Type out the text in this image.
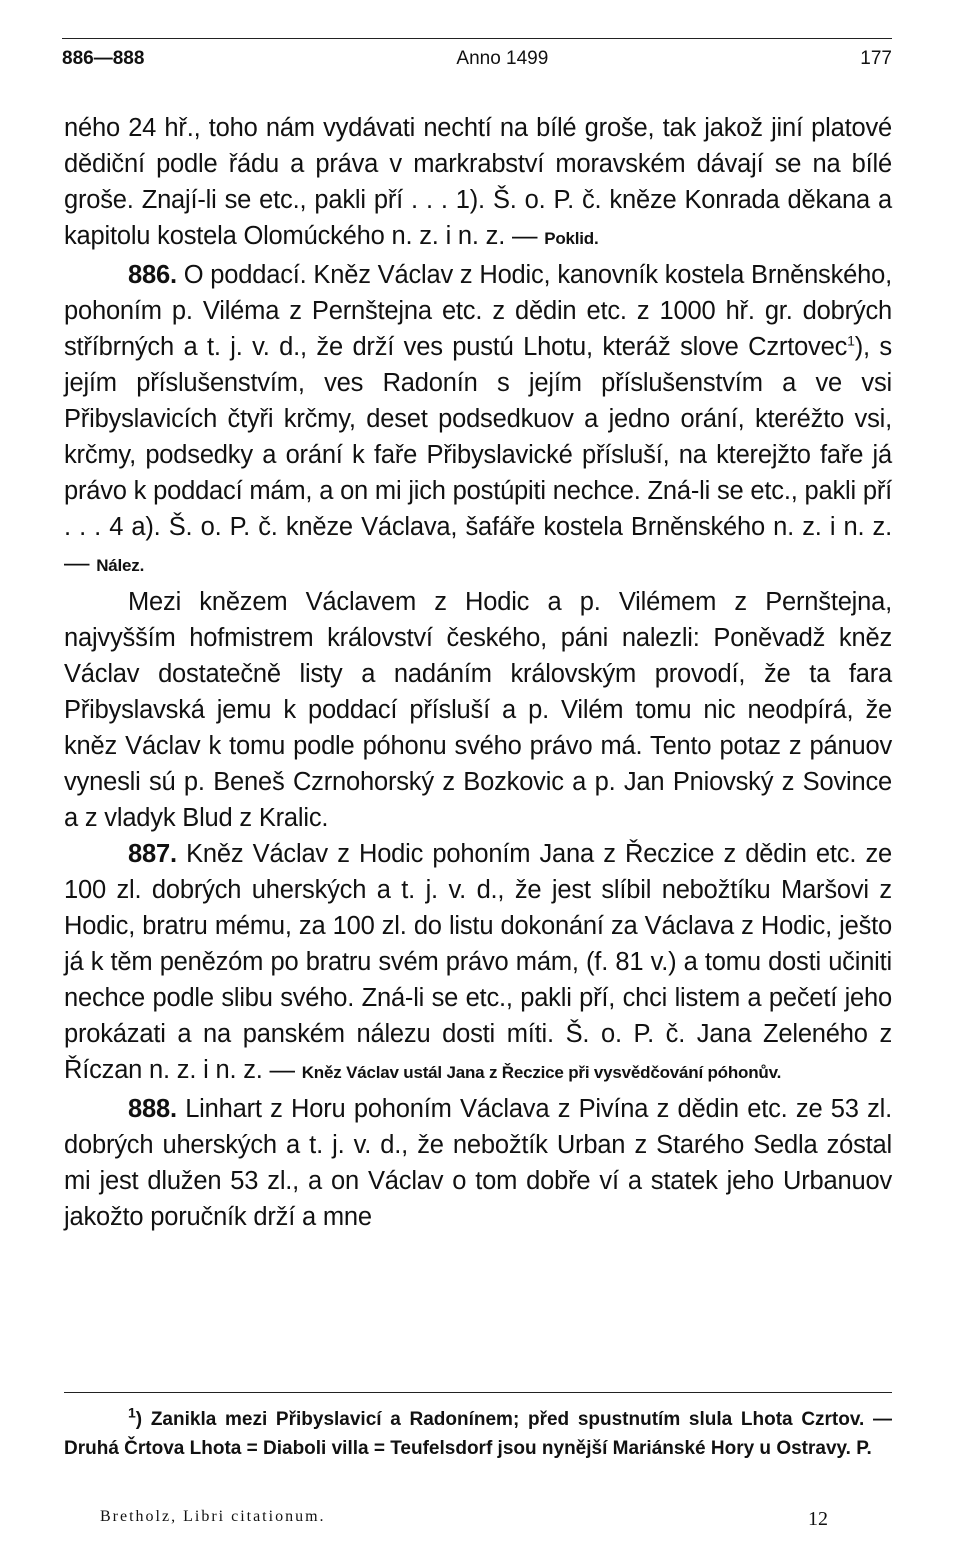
886—888	Anno 1499	177

ného 24 hř., toho nám vydávati nechtí na bílé groše, tak jakož jiní platové dědiční podle řádu a práva v markrabství moravském dávají se na bílé groše. Znají-li se etc., pakli pří . . . 1). Š. o. P. č. kněze Konrada děkana a kapitolu kostela Olomúckého n. z. i n. z. — Poklid.

886. O poddací. Kněz Václav z Hodic, kanovník kostela Brněnského, pohoním p. Viléma z Pernštejna etc. z dědin etc. z 1000 hř. gr. dobrých stříbrných a t. j. v. d., že drží ves pustú Lhotu, kteráž slove Czrtovec$^1$), s jejím příslušenstvím, ves Radonín s jejím příslušenstvím a ve vsi Přibyslavicích čtyři krčmy, deset podsedkuov a jedno orání, kteréžto vsi, krčmy, podsedky a orání k faře Přibyslavické přísluší, na kterejžto faře já právo k poddací mám, a on mi jich postúpiti nechce. Zná-li se etc., pakli pří . . . 4 a). Š. o. P. č. kněze Václava, šafáře kostela Brněnského n. z. i n. z. — Nález.

Mezi knězem Václavem z Hodic a p. Vilémem z Pernštejna, najvyšším hofmistrem království českého, páni nalezli: Poněvadž kněz Václav dostatečně listy a nadáním královským provodí, že ta fara Přibyslavská jemu k poddací přísluší a p. Vilém tomu nic neodpírá, že kněz Václav k tomu podle póhonu svého právo má. Tento potaz z pánuov vynesli sú p. Beneš Czrnohorský z Bozkovic a p. Jan Pniovský z Sovince a z vladyk Blud z Kralic.

887. Kněz Václav z Hodic pohoním Jana z Řeczice z dědin etc. ze 100 zl. dobrých uherských a t. j. v. d., že jest slíbil nebožtíku Maršovi z Hodic, bratru mému, za 100 zl. do listu dokonání za Václava z Hodic, ješto já k těm penězóm po bratru svém právo mám, (f. 81 v.) a tomu dosti učiniti nechce podle slibu svého. Zná-li se etc., pakli pří, chci listem a pečetí jeho prokázati a na panském nálezu dosti míti. Š. o. P. č. Jana Zeleného z Říczan n. z. i n. z. — Kněz Václav ustál Jana z Řeczice při vysvědčování póhonův.

888. Linhart z Horu pohoním Václava z Pivína z dědin etc. ze 53 zl. dobrých uherských a t. j. v. d., že nebožtík Urban z Starého Sedla zóstal mi jest dlužen 53 zl., a on Václav o tom dobře ví a statek jeho Urbanuov jakožto poručník drží a mne

$^1$) Zanikla mezi Přibyslavicí a Radonínem; před spustnutím slula Lhota Czrtov. — Druhá Črtova Lhota = Diaboli villa = Teufelsdorf jsou nynější Mariánské Hory u Ostravy. P.

Bretholz, Libri citationum.	12
